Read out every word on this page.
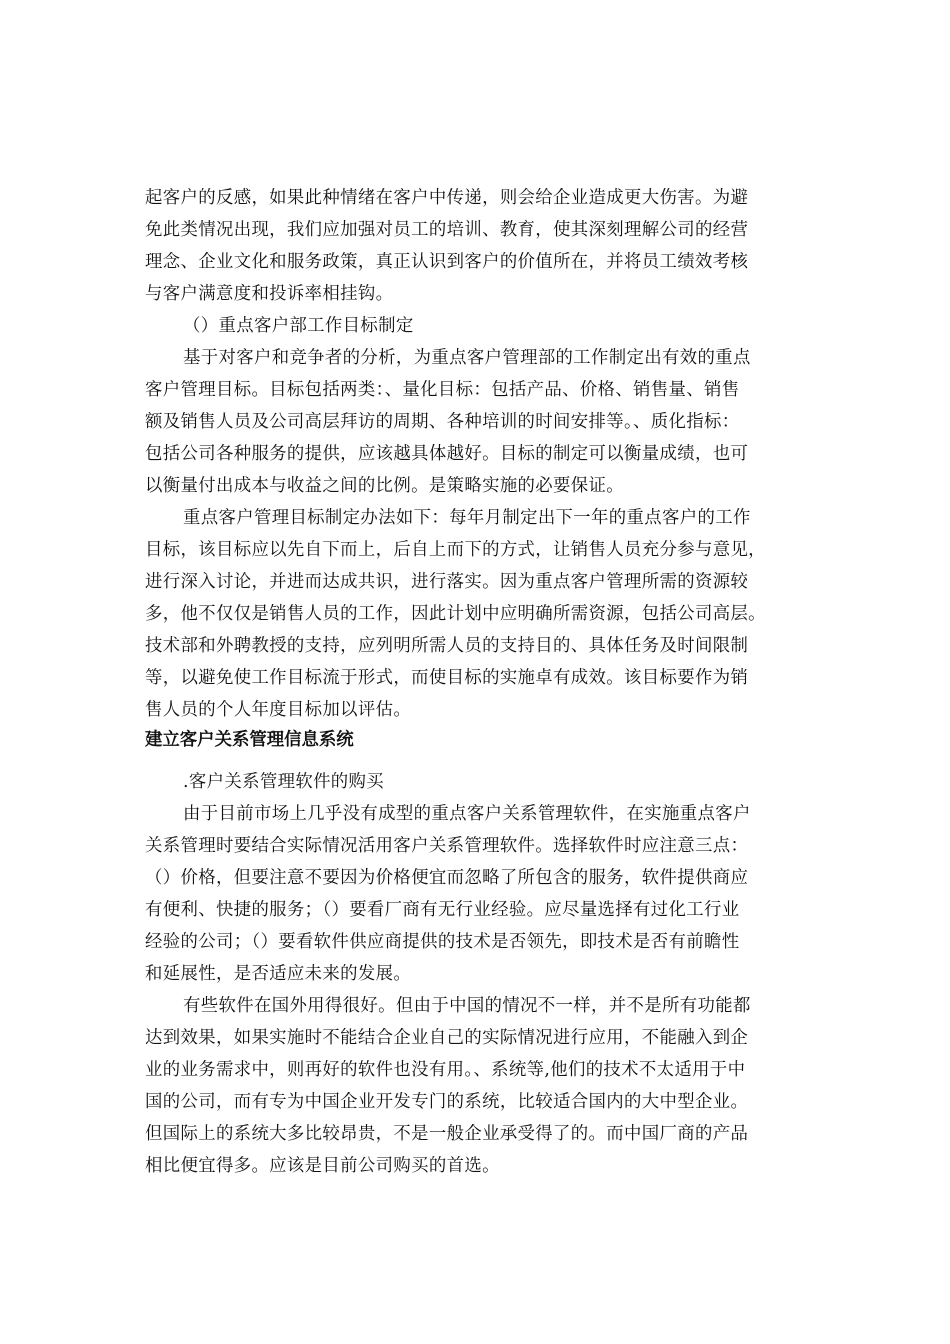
起客户的反感，如果此种情绪在客户中传递，则会给企业造成更大伤害。为避
免此类情况出现，我们应加强对员工的培训、教育，使其深刻理解公司的经营
理念、企业文化和服务政策，真正认识到客户的价值所在，并将员工绩效考核
与客户满意度和投诉率相挂钩。
（）重点客户部工作目标制定
基于对客户和竞争者的分析，为重点客户管理部的工作制定出有效的重点
客户管理目标。目标包括两类：、量化目标：包括产品、价格、销售量、销售
额及销售人员及公司高层拜访的周期、各种培训的时间安排等。、质化指标：
包括公司各种服务的提供，应该越具体越好。目标的制定可以衡量成绩，也可
以衡量付出成本与收益之间的比例。是策略实施的必要保证。
重点客户管理目标制定办法如下：每年月制定出下一年的重点客户的工作
目标，该目标应以先自下而上，后自上而下的方式，让销售人员充分参与意见，
进行深入讨论，并进而达成共识，进行落实。因为重点客户管理所需的资源较
多，他不仅仅是销售人员的工作，因此计划中应明确所需资源，包括公司高层。
技术部和外聘教授的支持，应列明所需人员的支持目的、具体任务及时间限制
等，以避免使工作目标流于形式，而使目标的实施卓有成效。该目标要作为销
售人员的个人年度目标加以评估。
建立客户关系管理信息系统
.客户关系管理软件的购买
由于目前市场上几乎没有成型的重点客户关系管理软件，在实施重点客户
关系管理时要结合实际情况活用客户关系管理软件。选择软件时应注意三点：
（）价格，但要注意不要因为价格便宜而忽略了所包含的服务，软件提供商应
有便利、快捷的服务；（）要看厂商有无行业经验。应尽量选择有过化工行业
经验的公司；（）要看软件供应商提供的技术是否领先，即技术是否有前瞻性
和延展性，是否适应未来的发展。
有些软件在国外用得很好。但由于中国的情况不一样，并不是所有功能都
达到效果，如果实施时不能结合企业自己的实际情况进行应用，不能融入到企
业的业务需求中，则再好的软件也没有用。、系统等,他们的技术不太适用于中
国的公司，而有专为中国企业开发专门的系统，比较适合国内的大中型企业。
但国际上的系统大多比较昂贵，不是一般企业承受得了的。而中国厂商的产品
相比便宜得多。应该是目前公司购买的首选。
